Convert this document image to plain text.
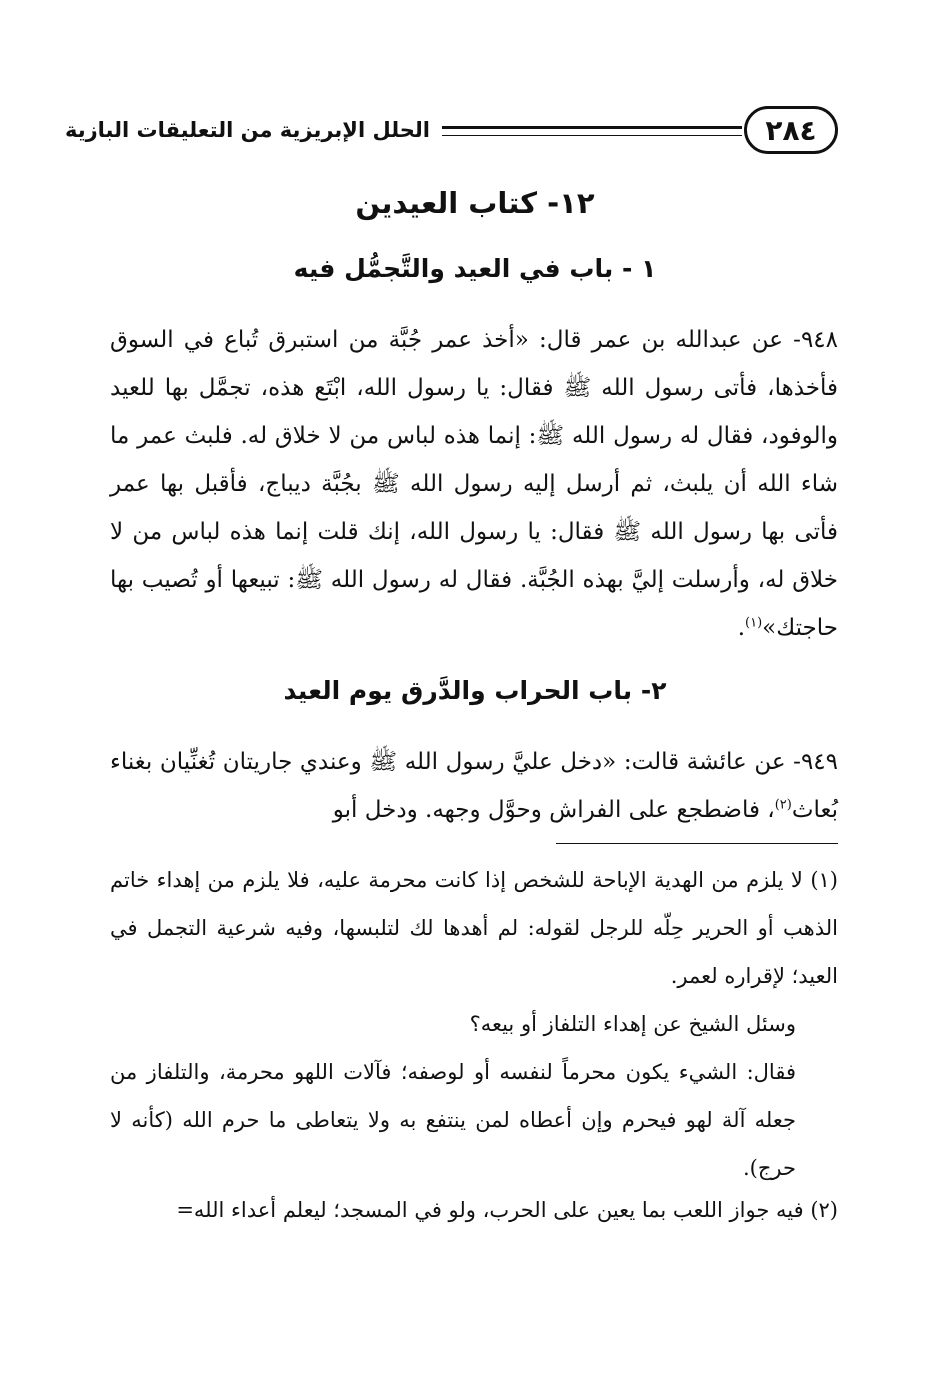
الحلل الإبريزية من التعليقات البازية	٢٨٤
١٢- كتاب العيدين
١ - باب في العيد والتَّجمُّل فيه
٩٤٨- عن عبدالله بن عمر قال: «أخذ عمر جُبَّة من استبرق تُباع في السوق فأخذها، فأتى رسول الله ﷺ فقال: يا رسول الله، ابْتَع هذه، تجمَّل بها للعيد والوفود، فقال له رسول الله ﷺ: إنما هذه لباس من لا خلاق له. فلبث عمر ما شاء الله أن يلبث، ثم أرسل إليه رسول الله ﷺ بجُبَّة ديباج، فأقبل بها عمر فأتى بها رسول الله ﷺ فقال: يا رسول الله، إنك قلت إنما هذه لباس من لا خلاق له، وأرسلت إليَّ بهذه الجُبَّة. فقال له رسول الله ﷺ: تبيعها أو تُصيب بها حاجتك»$^{(١)}$.
٢- باب الحراب والدَّرق يوم العيد
٩٤٩- عن عائشة قالت: «دخل عليَّ رسول الله ﷺ وعندي جاريتان تُغنِّيان بغناء بُعاث$^{(٢)}$، فاضطجع على الفراش وحوَّل وجهه. ودخل أبو
(١) لا يلزم من الهدية الإباحة للشخص إذا كانت محرمة عليه، فلا يلزم من إهداء خاتم الذهب أو الحرير حِلّه للرجل لقوله: لم أهدها لك لتلبسها، وفيه شرعية التجمل في العيد؛ لإقراره لعمر.
وسئل الشيخ عن إهداء التلفاز أو بيعه؟
فقال: الشيء يكون محرماً لنفسه أو لوصفه؛ فآلات اللهو محرمة، والتلفاز من جعله آلة لهو فيحرم وإن أعطاه لمن ينتفع به ولا يتعاطى ما حرم الله (كأنه لا حرج).
(٢) فيه جواز اللعب بما يعين على الحرب، ولو في المسجد؛ ليعلم أعداء الله=
